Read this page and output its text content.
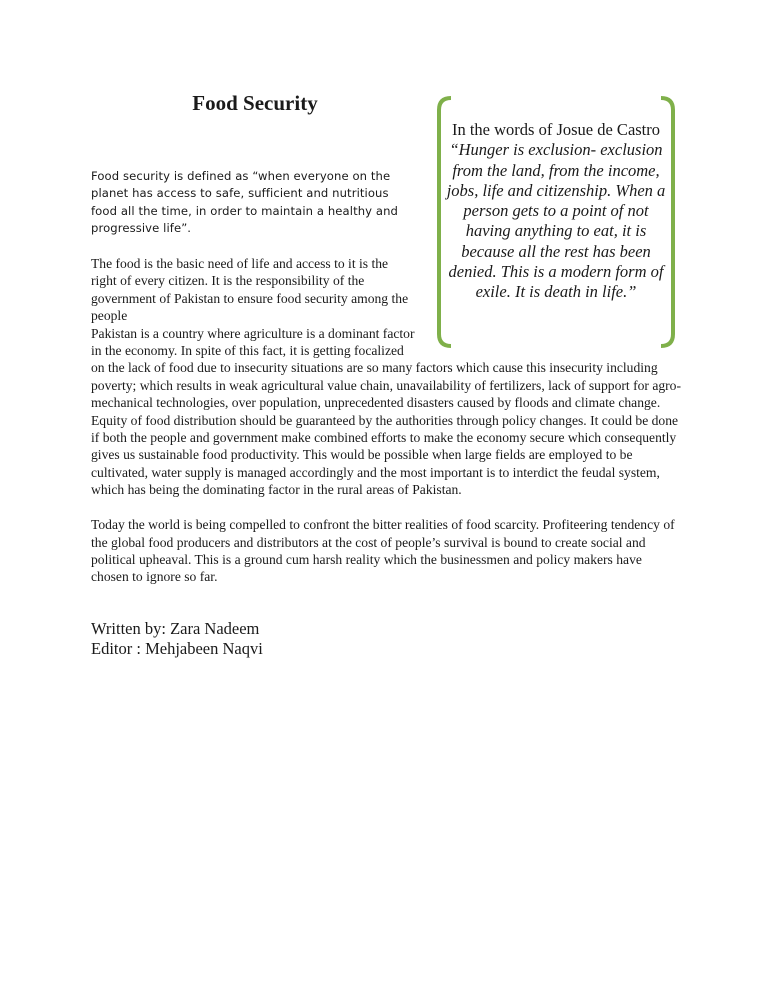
Food Security
In the words of Josue de Castro “Hunger is exclusion- exclusion from the land, from the income, jobs, life and citizenship. When a person gets to a point of not having anything to eat, it is because all the rest has been denied. This is a modern form of exile. It is death in life.”

Food security is defined as “when everyone on the planet has access to safe, sufficient and nutritious food all the time, in order to maintain a healthy and progressive life”.

The food is the basic need of life and access to it is the right of every citizen. It is the responsibility of the government of Pakistan to ensure food security among the people

Pakistan is a country where agriculture is a dominant factor in the economy. In spite of this fact, it is getting focalized on the lack of food due to insecurity situations are so many factors which cause this insecurity including poverty; which results in weak agricultural value chain, unavailability of fertilizers, lack of support for agro-mechanical technologies, over population, unprecedented disasters caused by floods and climate change. Equity of food distribution should be guaranteed by the authorities through policy changes. It could be done if both the people and government make combined efforts to make the economy secure which consequently gives us sustainable food productivity. This would be possible when large fields are employed to be cultivated, water supply is managed accordingly and the most important is to interdict the feudal system, which has being the dominating factor in the rural areas of Pakistan.

Today the world is being compelled to confront the bitter realities of food scarcity. Profiteering tendency of the global food producers and distributors at the cost of people’s survival is bound to create social and political upheaval. This is a ground cum harsh reality which the businessmen and policy makers have chosen to ignore so far.

Written by: Zara Nadeem
Editor : Mehjabeen Naqvi
